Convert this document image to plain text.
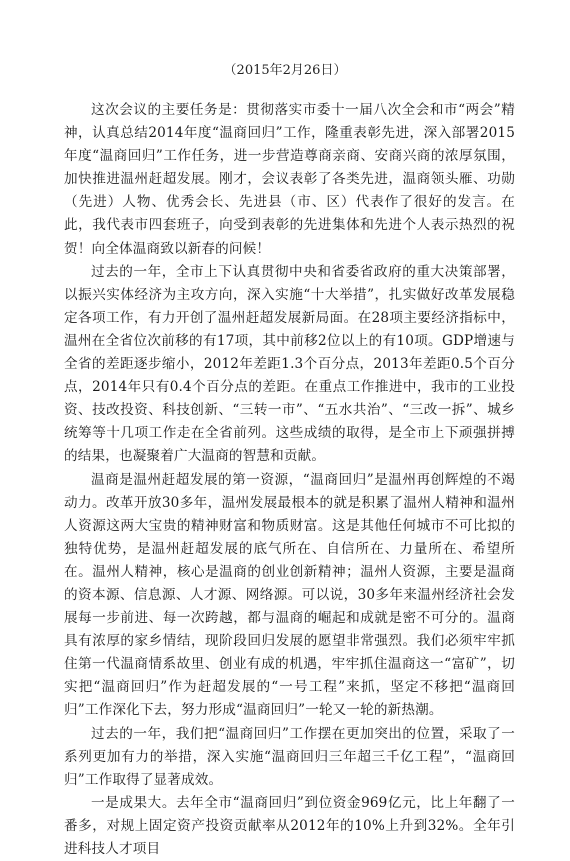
（2015年2月26日）

这次会议的主要任务是：贯彻落实市委十一届八次全会和市“两会”精神，认真总结2014年度“温商回归”工作，隆重表彰先进，深入部署2015年度“温商回归”工作任务，进一步营造尊商亲商、安商兴商的浓厚氛围，加快推进温州赶超发展。刚才，会议表彰了各类先进，温商领头雁、功勋（先进）人物、优秀会长、先进县（市、区）代表作了很好的发言。在此，我代表市四套班子，向受到表彰的先进集体和先进个人表示热烈的祝贺！向全体温商致以新春的问候！

过去的一年，全市上下认真贯彻中央和省委省政府的重大决策部署，以振兴实体经济为主攻方向，深入实施“十大举措”，扎实做好改革发展稳定各项工作，有力开创了温州赶超发展新局面。在28项主要经济指标中，温州在全省位次前移的有17项，其中前移2位以上的有10项。GDP增速与全省的差距逐步缩小，2012年差距1.3个百分点，2013年差距0.5个百分点，2014年只有0.4个百分点的差距。在重点工作推进中，我市的工业投资、技改投资、科技创新、“三转一市”、“五水共治”、“三改一拆”、城乡统筹等十几项工作走在全省前列。这些成绩的取得，是全市上下顽强拼搏的结果，也凝聚着广大温商的智慧和贡献。

温商是温州赶超发展的第一资源，“温商回归”是温州再创辉煌的不竭动力。改革开放30多年，温州发展最根本的就是积累了温州人精神和温州人资源这两大宝贵的精神财富和物质财富。这是其他任何城市不可比拟的独特优势，是温州赶超发展的底气所在、自信所在、力量所在、希望所在。温州人精神，核心是温商的创业创新精神；温州人资源，主要是温商的资本源、信息源、人才源、网络源。可以说，30多年来温州经济社会发展每一步前进、每一次跨越，都与温商的崛起和成就是密不可分的。温商具有浓厚的家乡情结，现阶段回归发展的愿望非常强烈。我们必须牢牢抓住第一代温商情系故里、创业有成的机遇，牢牢抓住温商这一“富矿”，切实把“温商回归”作为赶超发展的“一号工程”来抓，坚定不移把“温商回归”工作深化下去，努力形成“温商回归”一轮又一轮的新热潮。

过去的一年，我们把“温商回归”工作摆在更加突出的位置，采取了一系列更加有力的举措，深入实施“温商回归三年超三千亿工程”，“温商回归”工作取得了显著成效。

一是成果大。去年全市“温商回归”到位资金969亿元，比上年翻了一番多，对规上固定资产投资贡献率从2012年的10%上升到32%。全年引进科技人才项目
